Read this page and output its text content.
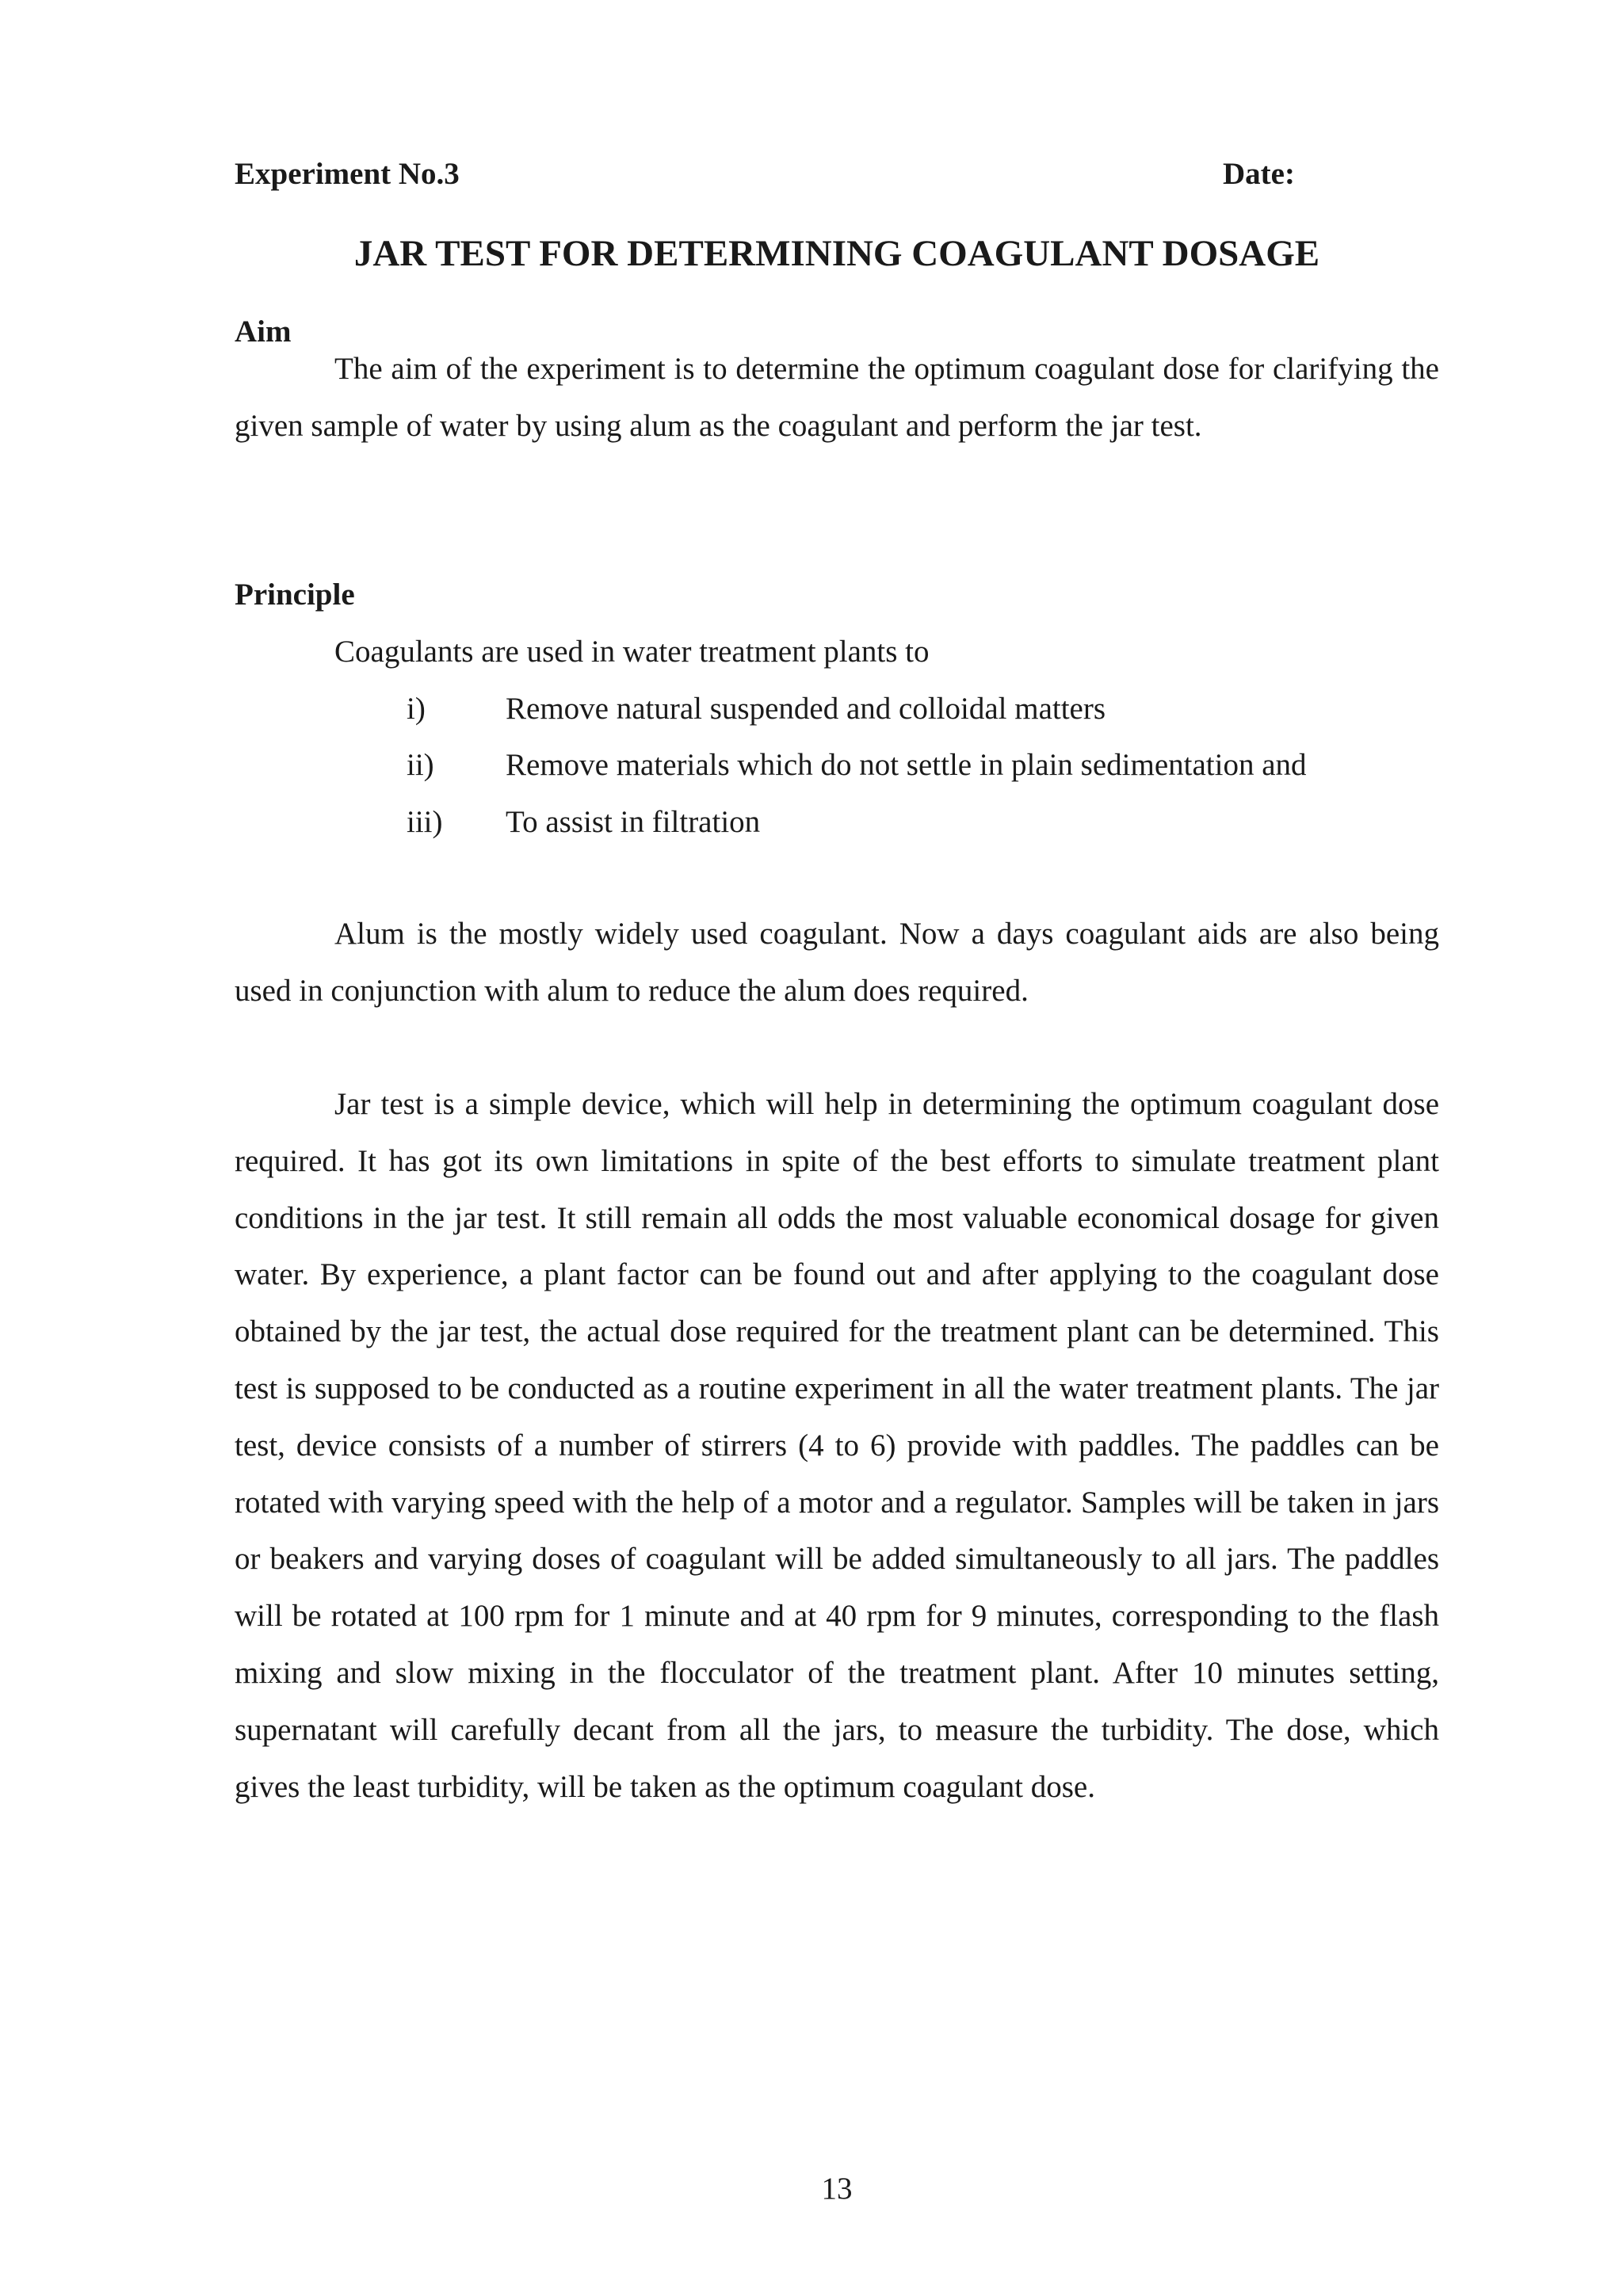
Experiment No.3	Date:
JAR TEST FOR DETERMINING COAGULANT DOSAGE
Aim

The aim of the experiment is to determine the optimum coagulant dose for clarifying the given sample of water by using alum as the coagulant and perform the jar test.

Principle
Coagulants are used in water treatment plants to
i)	Remove natural suspended and colloidal matters
ii) Remove materials which do not settle in plain sedimentation and
iii) To assist in filtration

Alum is the mostly widely used coagulant. Now a days coagulant aids are also being used in conjunction with alum to reduce the alum does required.

Jar test is a simple device, which will help in determining the optimum coagulant dose required. It has got its own limitations in spite of the best efforts to simulate treatment plant conditions in the jar test. It still remain all odds the most valuable economical dosage for given water. By experience, a plant factor can be found out and after applying to the coagulant dose obtained by the jar test, the actual dose required for the treatment plant can be determined. This test is supposed to be conducted as a routine experiment in all the water treatment plants. The jar test, device consists of a number of stirrers (4 to 6) provide with paddles. The paddles can be rotated with varying speed with the help of a motor and a regulator. Samples will be taken in jars or beakers and varying doses of coagulant will be added simultaneously to all jars. The paddles will be rotated at 100 rpm for 1 minute and at 40 rpm for 9 minutes, corresponding to the flash mixing and slow mixing in the flocculator of the treatment plant. After 10 minutes setting, supernatant will carefully decant from all the jars, to measure the turbidity. The dose, which gives the least turbidity, will be taken as the optimum coagulant dose.

13
